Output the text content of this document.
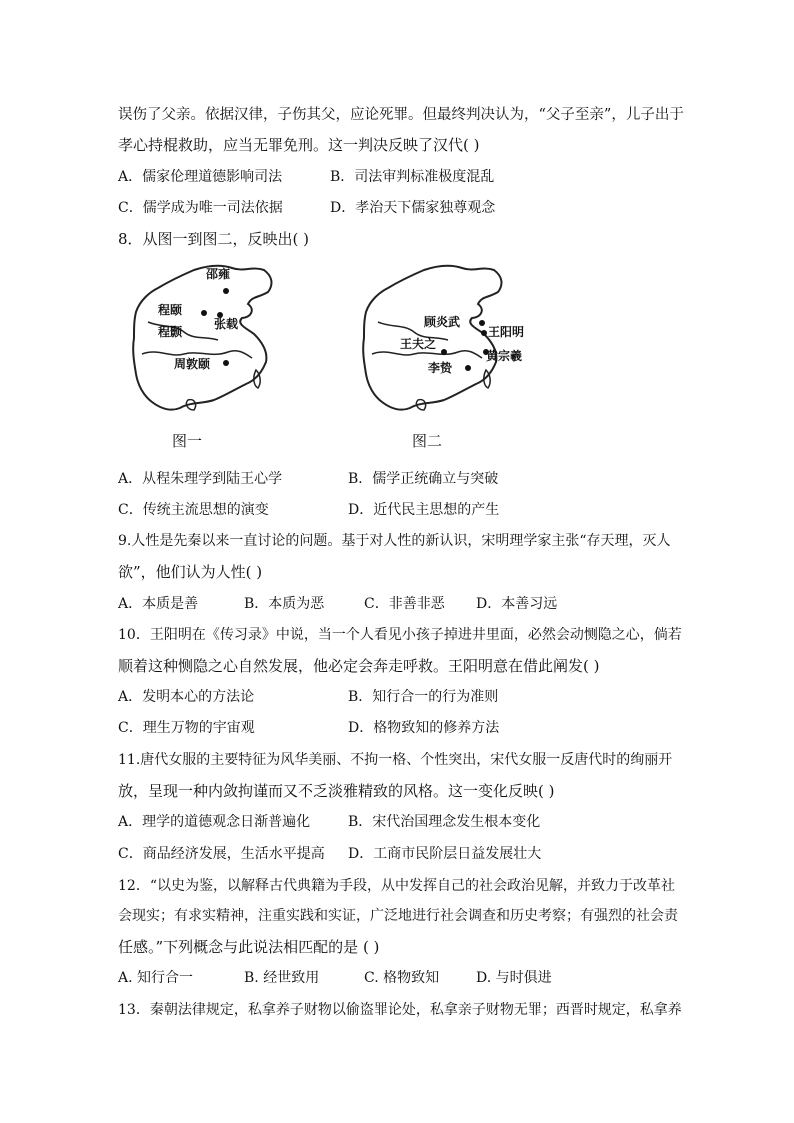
误伤了父亲。依据汉律，子伤其父，应论死罪。但最终判决认为，“父子至亲”，儿子出于
孝心持棍救助，应当无罪免刑。这一判决反映了汉代( )
A．儒家伦理道德影响司法	B．司法审判标准极度混乱
C．儒学成为唯一司法依据	D．孝治天下儒家独尊观念
8．从图一到图二，反映出( )
邵雍
程颐
程颢
张载
周敦颐
顾炎武
王阳明
王夫之
黄宗羲
李贽
图一	图二
A．从程朱理学到陆王心学	B．儒学正统确立与突破
C．传统主流思想的演变	D．近代民主思想的产生
9.人性是先秦以来一直讨论的问题。基于对人性的新认识，宋明理学家主张“存天理，灭人
欲”，他们认为人性( )
A．本质是善	B．本质为恶	C．非善非恶 D．本善习远
10．王阳明在《传习录》中说，当一个人看见小孩子掉进井里面，必然会动恻隐之心，倘若
顺着这种恻隐之心自然发展，他必定会奔走呼救。王阳明意在借此阐发( )
A．发明本心的方法论	B．知行合一的行为准则
C．理生万物的宇宙观	D．格物致知的修养方法
11.唐代女服的主要特征为风华美丽、不拘一格、个性突出，宋代女服一反唐代时的绚丽开
放，呈现一种内敛拘谨而又不乏淡雅精致的风格。这一变化反映( )
A．理学的道德观念日渐普遍化	B．宋代治国理念发生根本变化
C．商品经济发展，生活水平提高 D．工商市民阶层日益发展壮大
12．“以史为鉴，以解释古代典籍为手段，从中发挥自己的社会政治见解，并致力于改革社
会现实；有求实精神，注重实践和实证，广泛地进行社会调查和历史考察；有强烈的社会责
任感。”下列概念与此说法相匹配的是 ( )
A. 知行合一	B. 经世致用	C. 格物致知	D. 与时俱进
13．秦朝法律规定，私拿养子财物以偷盗罪论处，私拿亲子财物无罪；西晋时规定，私拿养
